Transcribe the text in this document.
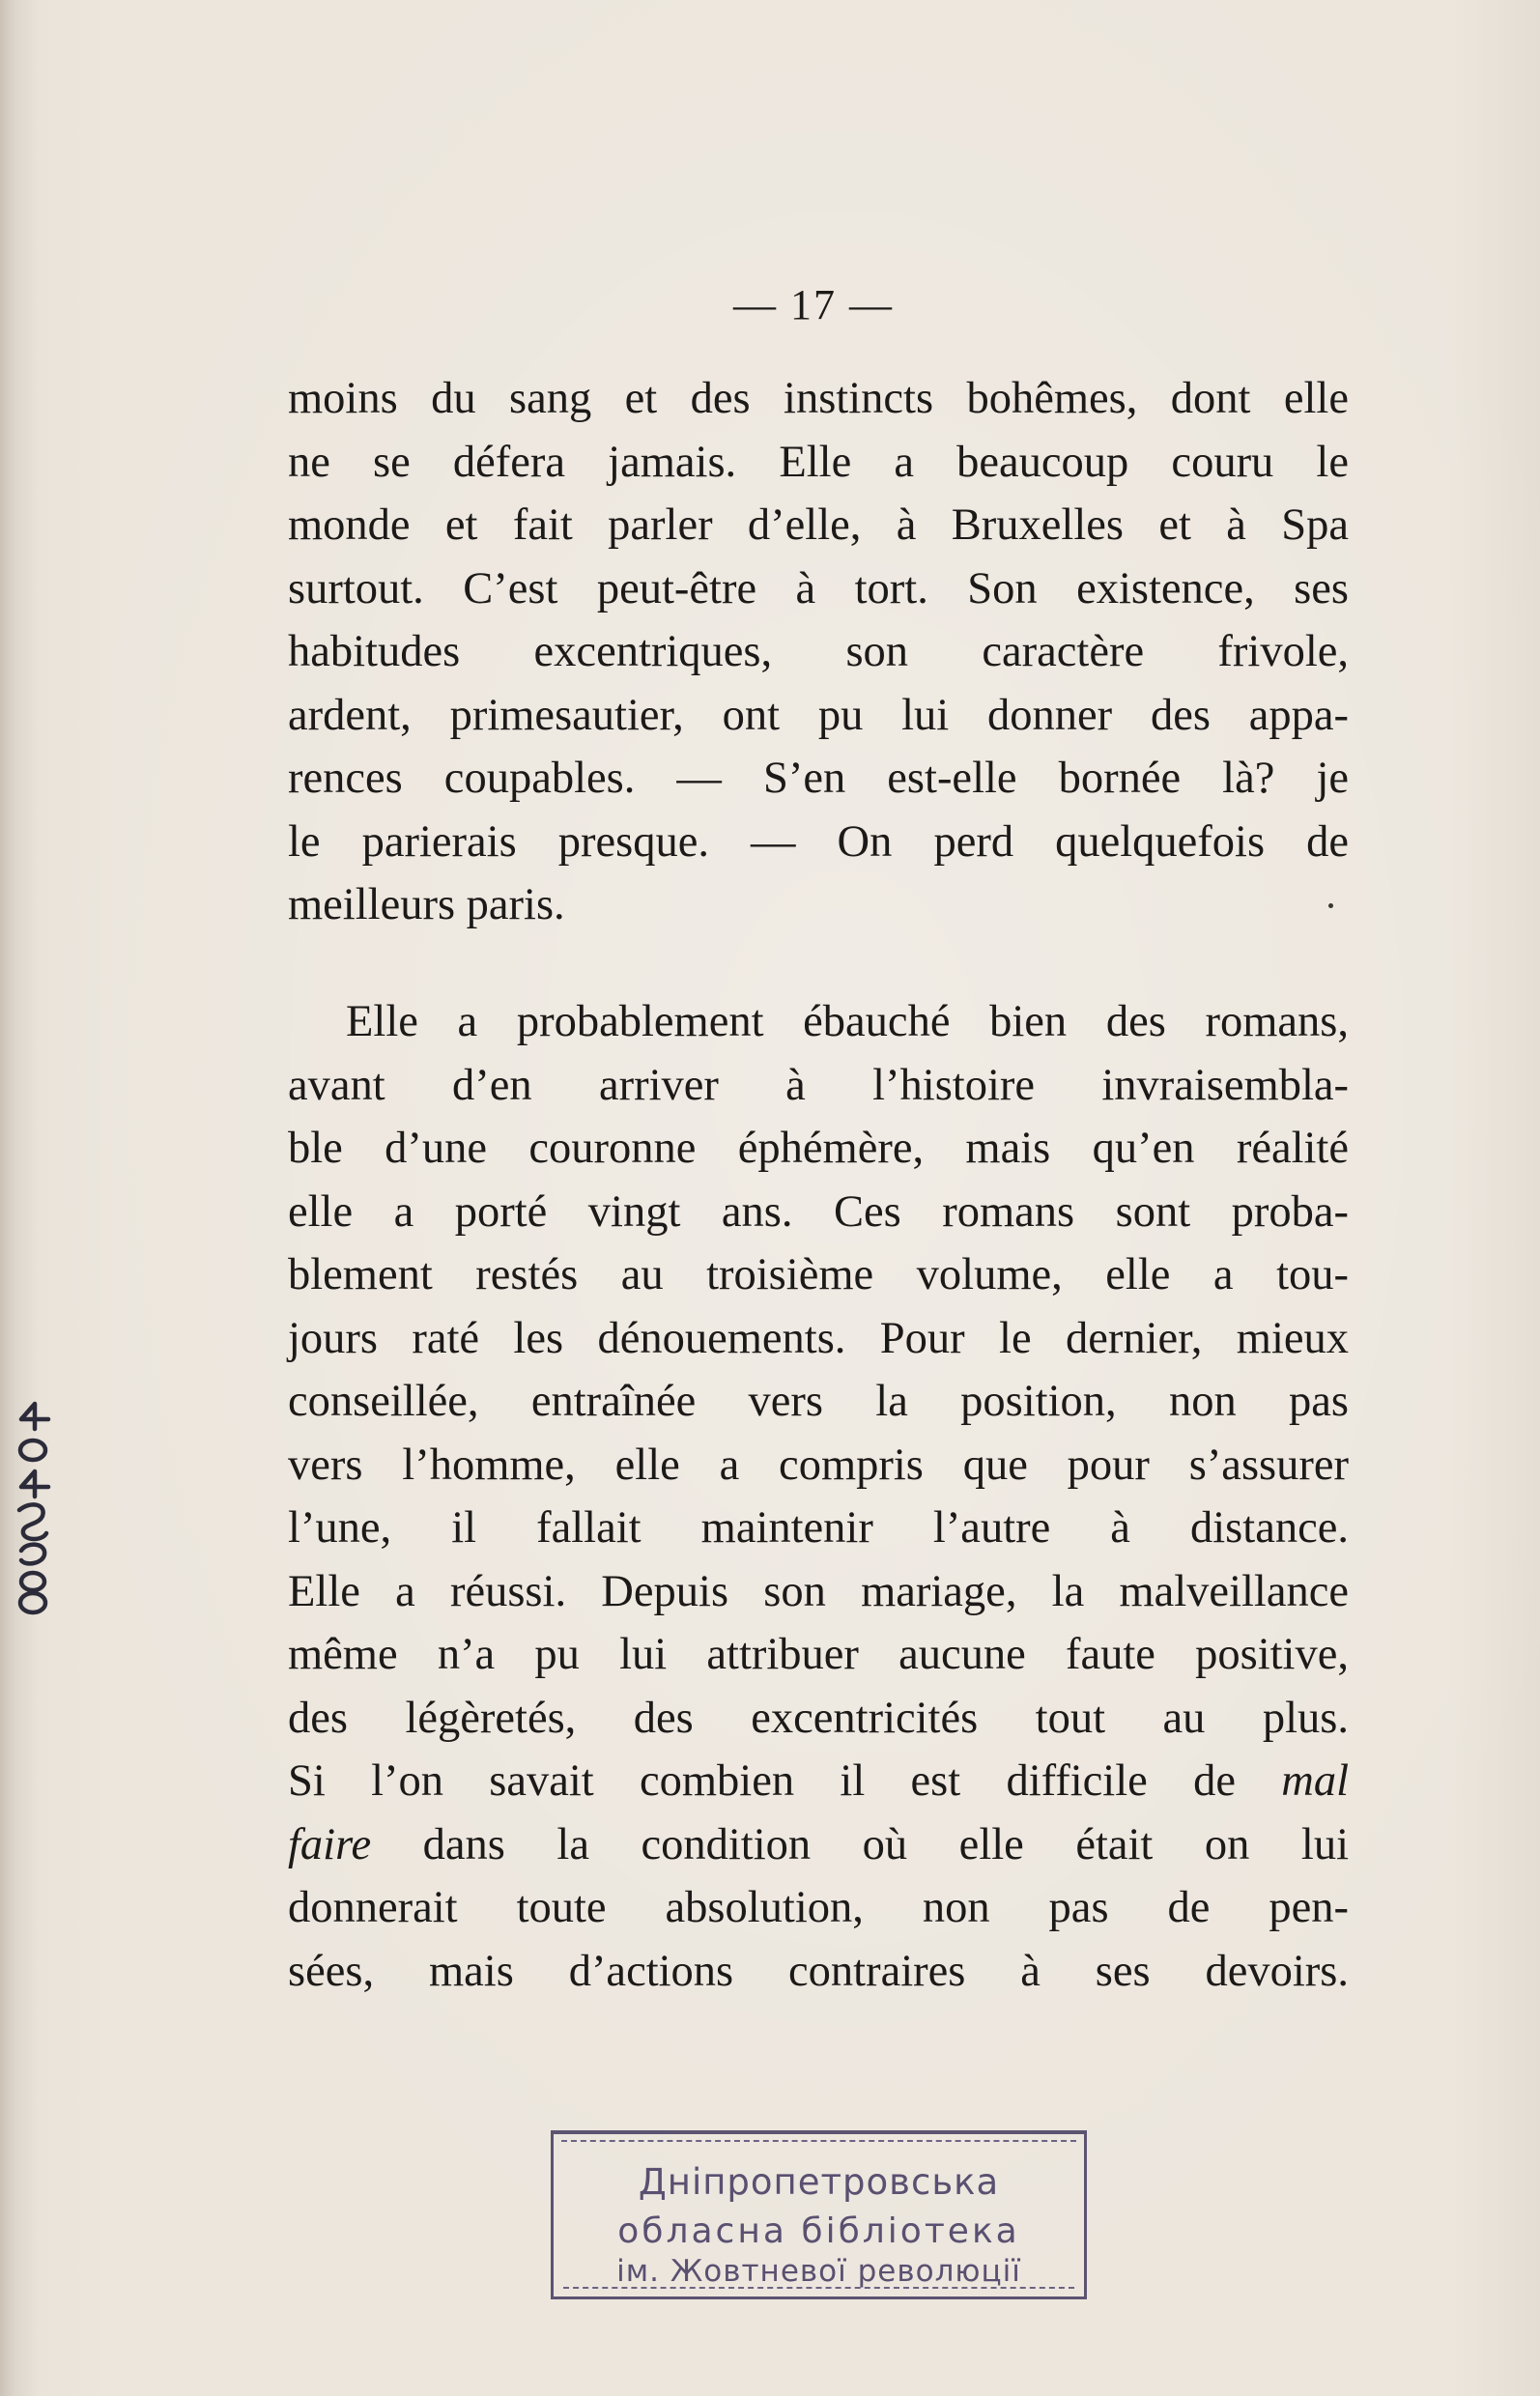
— 17 —
moins du sang et des instincts bohêmes, dont elle
ne se défera jamais. Elle a beaucoup couru le
monde et fait parler d’elle, à Bruxelles et à Spa
surtout. C’est peut-être à tort. Son existence, ses
habitudes excentriques, son caractère frivole,
ardent, primesautier, ont pu lui donner des appa-
rences coupables. — S’en est-elle bornée là? je
le parierais presque. — On perd quelquefois de
meilleurs paris.
Elle a probablement ébauché bien des romans,
avant d’en arriver à l’histoire invraisembla-
ble d’une couronne éphémère, mais qu’en réalité
elle a porté vingt ans. Ces romans sont proba-
blement restés au troisième volume, elle a tou-
jours raté les dénouements. Pour le dernier, mieux
conseillée, entraînée vers la position, non pas
vers l’homme, elle a compris que pour s’assurer
l’une, il fallait maintenir l’autre à distance.
Elle a réussi. Depuis son mariage, la malveillance
même n’a pu lui attribuer aucune faute positive,
des légèretés, des excentricités tout au plus.
Si l’on savait combien il est difficile de mal
faire dans la condition où elle était on lui
donnerait toute absolution, non pas de pen-
sées, mais d’actions contraires à ses devoirs.
Дніпропетровська
обласна бібліотека
ім. Жовтневої революції
